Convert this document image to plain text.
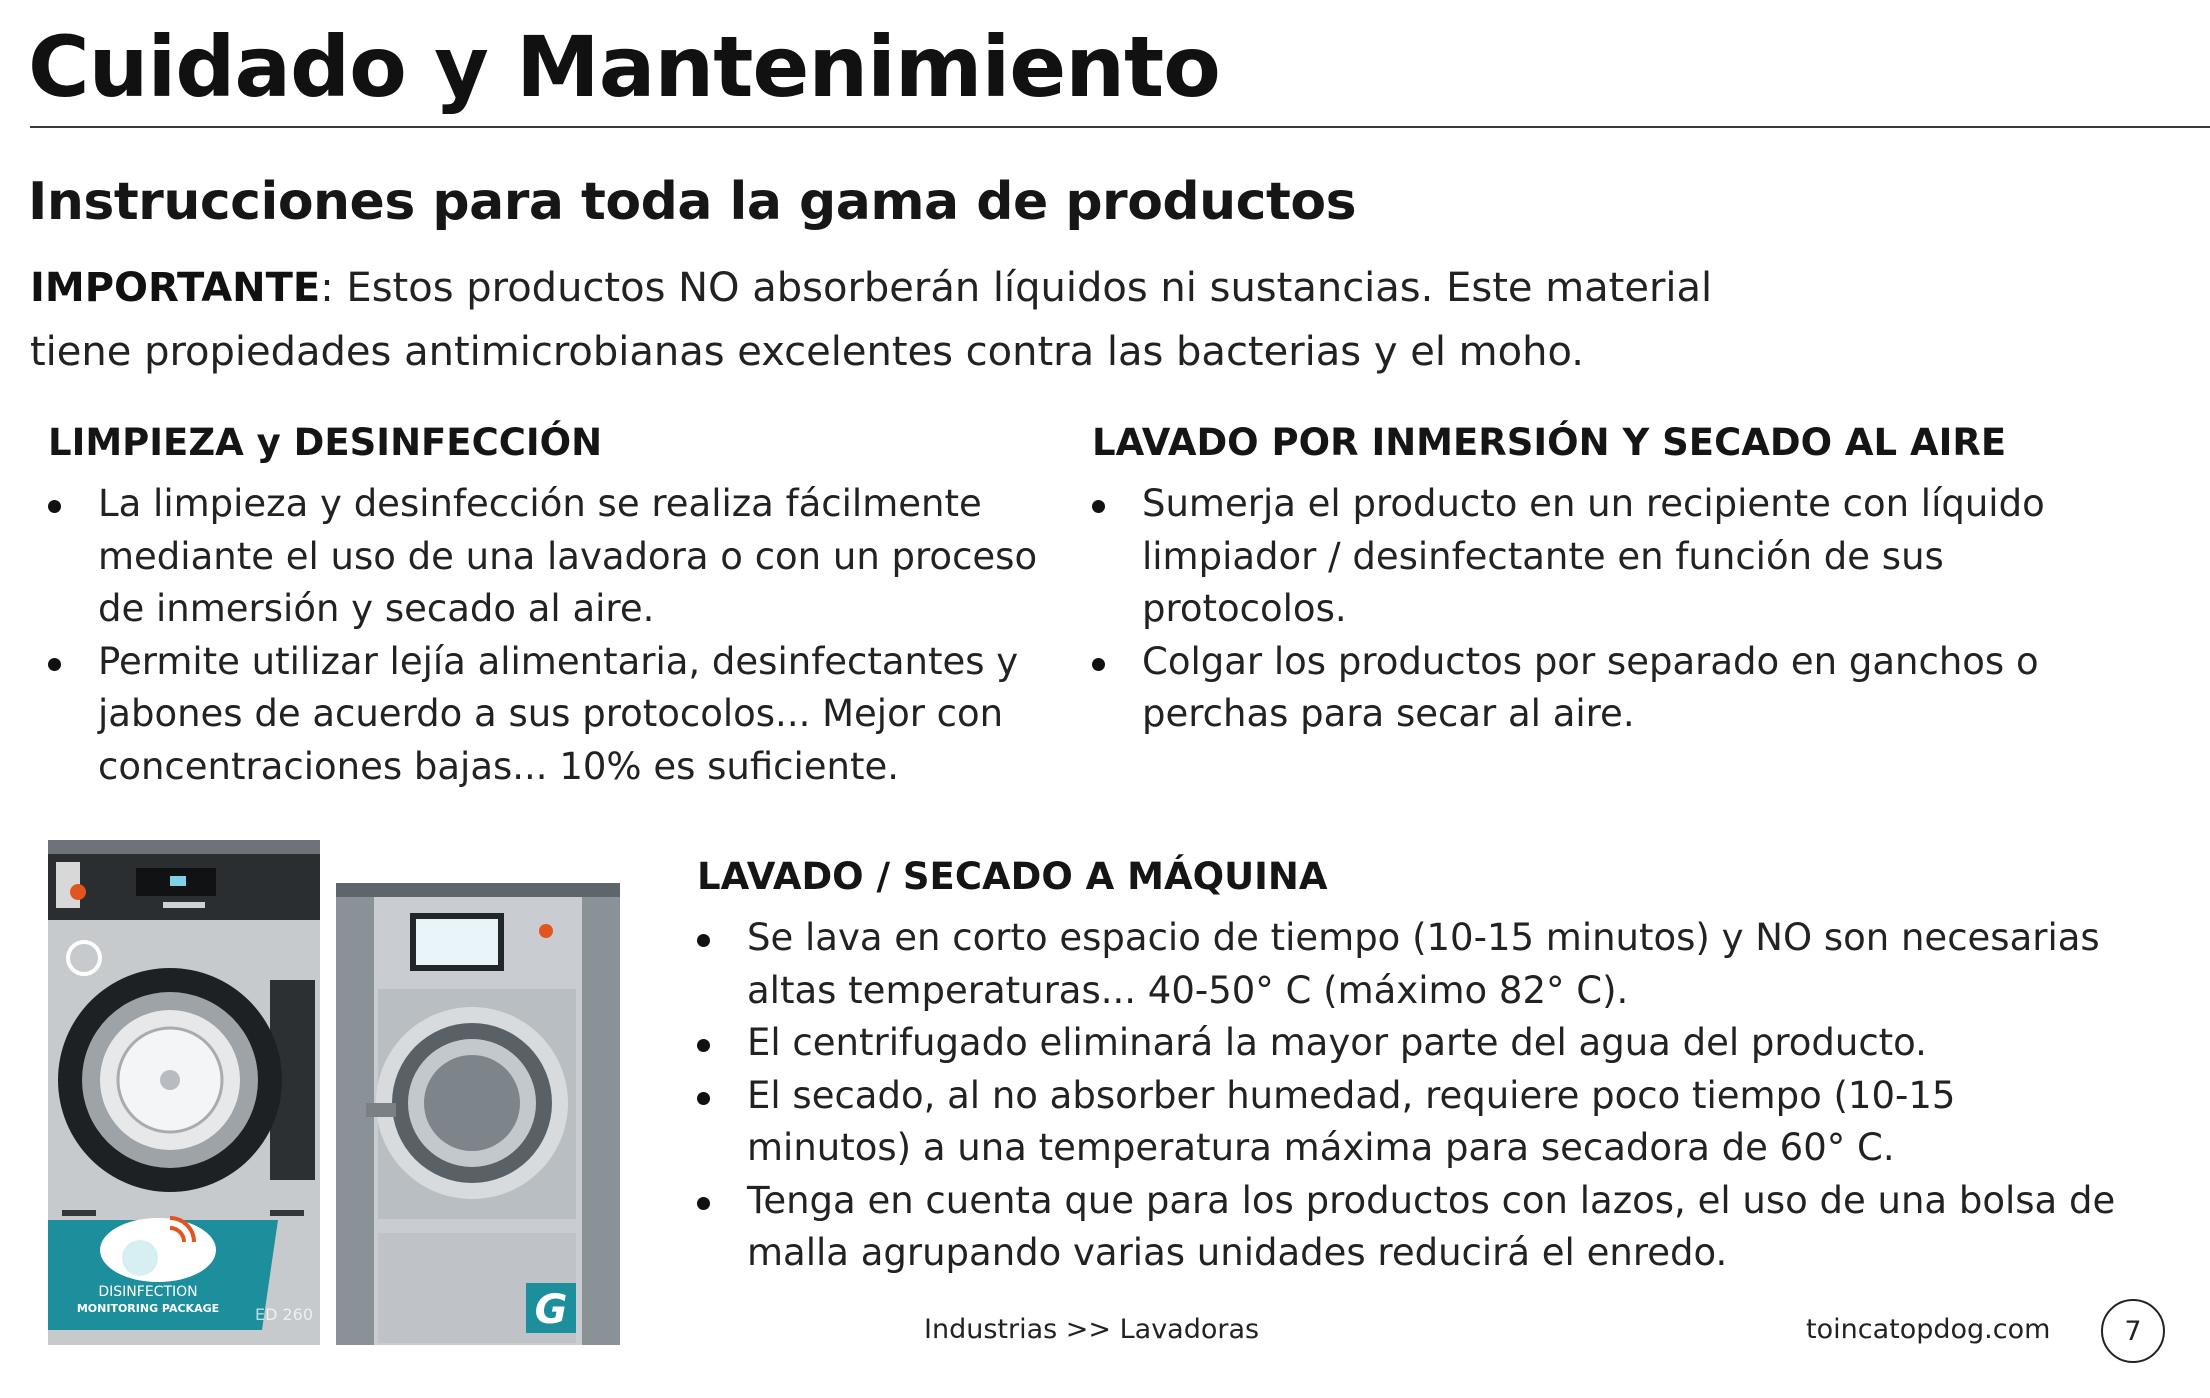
Cuidado y Mantenimiento
Instrucciones para toda la gama de productos

IMPORTANTE: Estos productos NO absorberán líquidos ni sustancias. Este material tiene propiedades antimicrobianas excelentes contra las bacterias y el moho.

LIMPIEZA y DESINFECCIÓN
La limpieza y desinfección se realiza fácilmente mediante el uso de una lavadora o con un proceso de inmersión y secado al aire.
Permite utilizar lejía alimentaria, desinfectantes y jabones de acuerdo a sus protocolos... Mejor con concentraciones bajas... 10% es suficiente.
LAVADO POR INMERSIÓN Y SECADO AL AIRE
Sumerja el producto en un recipiente con líquido limpiador / desinfectante en función de sus protocolos.
Colgar los productos por separado en ganchos o perchas para secar al aire.
DISINFECTION
MONITORING PACKAGE ED 260	G
LAVADO / SECADO A MÁQUINA
Se lava en corto espacio de tiempo (10-15 minutos) y NO son necesarias altas temperaturas... 40-50° C (máximo 82° C).
El centrifugado eliminará la mayor parte del agua del producto.
El secado, al no absorber humedad, requiere poco tiempo (10-15 minutos) a una temperatura máxima para secadora de 60° C.
Tenga en cuenta que para los productos con lazos, el uso de una bolsa de malla agrupando varias unidades reducirá el enredo.
Industrias >> Lavadoras	toincatopdog.com	7
